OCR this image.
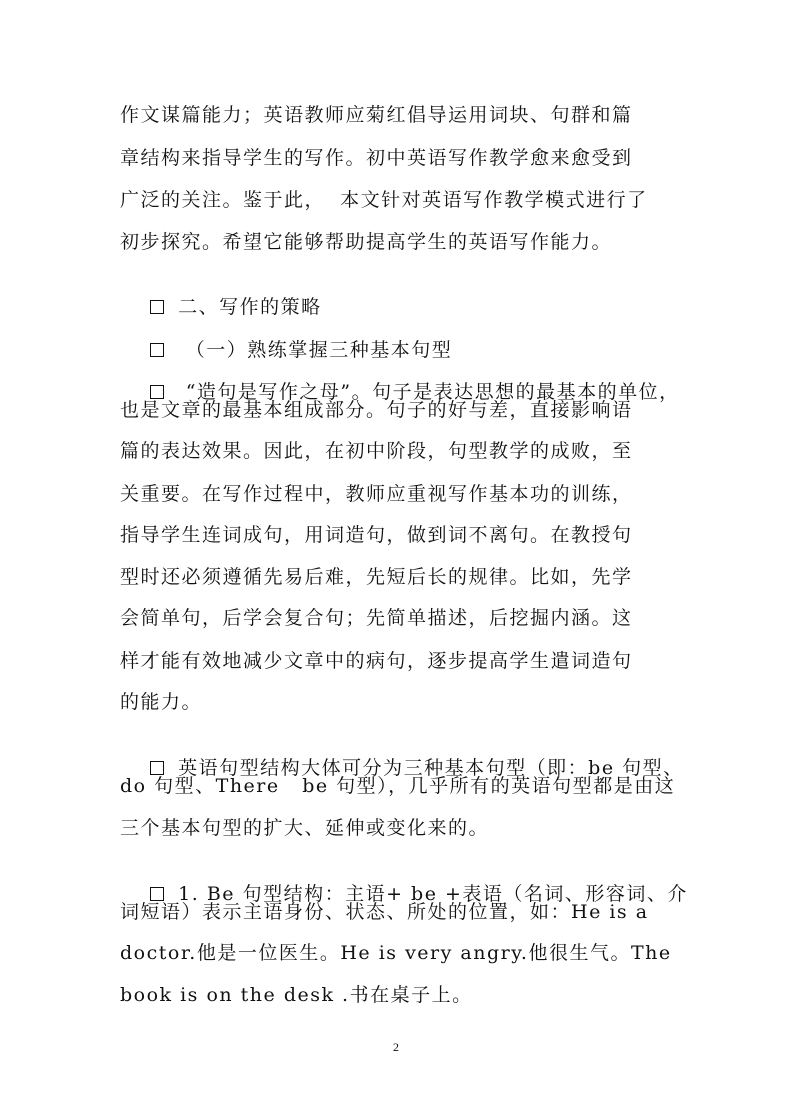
作文谋篇能力；英语教师应菊红倡导运用词块、句群和篇
章结构来指导学生的写作。初中英语写作教学愈来愈受到
广泛的关注。鉴于此，  本文针对英语写作教学模式进行了
初步探究。希望它能够帮助提高学生的英语写作能力。

二、写作的策略

（一）熟练掌握三种基本句型

“造句是写作之母”。句子是表达思想的最基本的单位，

也是文章的最基本组成部分。句子的好与差，直接影响语
篇的表达效果。因此，在初中阶段，句型教学的成败，至
关重要。在写作过程中，教师应重视写作基本功的训练，
指导学生连词成句，用词造句，做到词不离句。在教授句
型时还必须遵循先易后难，先短后长的规律。比如，先学
会简单句，后学会复合句；先简单描述，后挖掘内涵。这
样才能有效地减少文章中的病句，逐步提高学生遣词造句
的能力。

英语句型结构大体可分为三种基本句型（即：be 句型、

do 句型、There   be 句型），几乎所有的英语句型都是由这
三个基本句型的扩大、延伸或变化来的。

1. Be 句型结构：主语+ be +表语（名词、形容词、介

词短语）表示主语身份、状态、所处的位置，如：He is a
doctor.他是一位医生。He is very angry.他很生气。The
book is on the desk .书在桌子上。
2
